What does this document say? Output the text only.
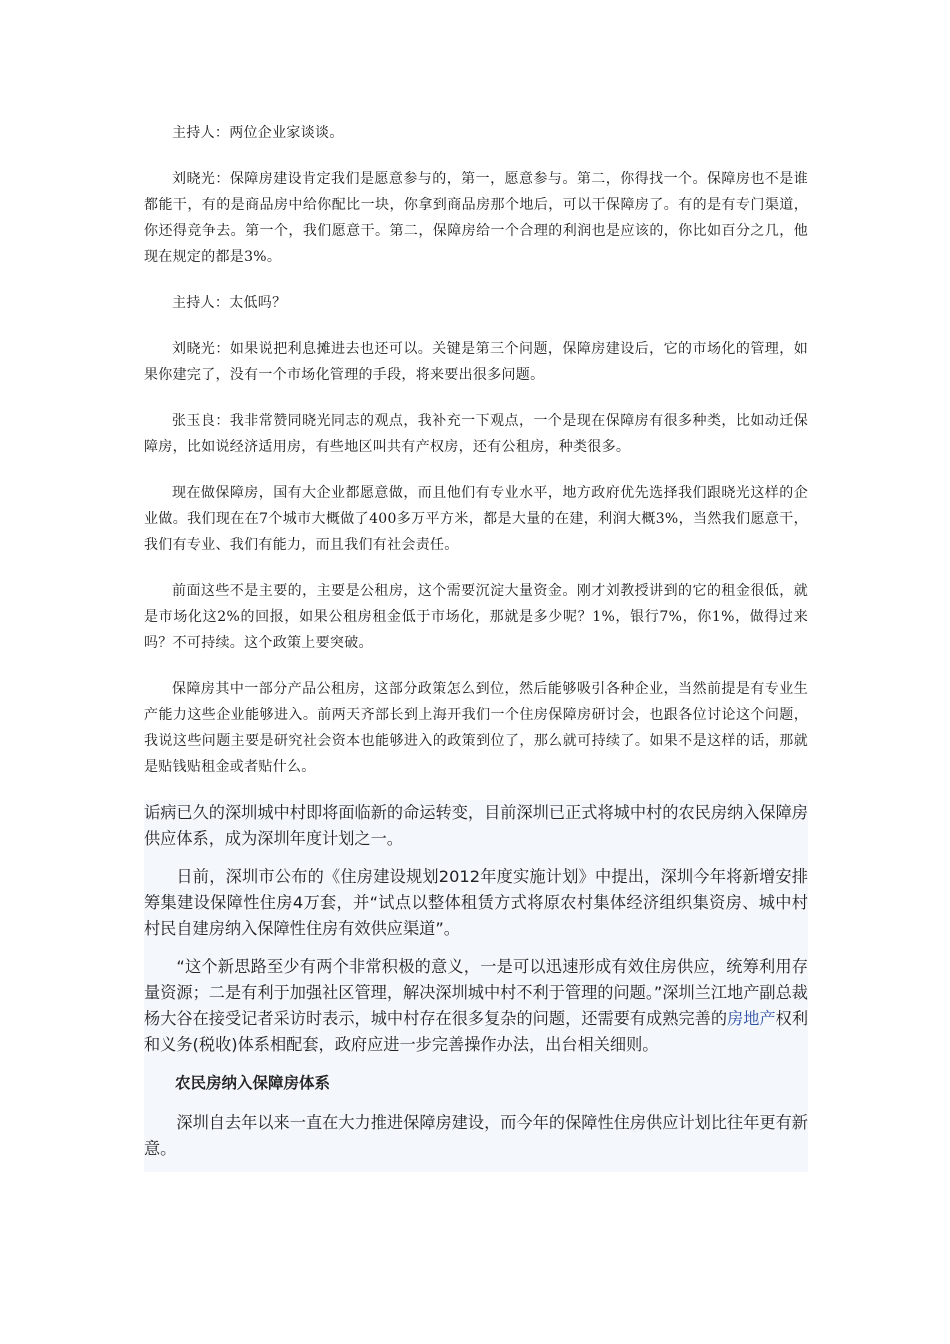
主持人：两位企业家谈谈。

刘晓光：保障房建设肯定我们是愿意参与的，第一，愿意参与。第二，你得找一个。保障房也不是谁都能干，有的是商品房中给你配比一块，你拿到商品房那个地后，可以干保障房了。有的是有专门渠道，你还得竞争去。第一个，我们愿意干。第二，保障房给一个合理的利润也是应该的，你比如百分之几，他现在规定的都是3%。

主持人：太低吗？

刘晓光：如果说把利息摊进去也还可以。关键是第三个问题，保障房建设后，它的市场化的管理，如果你建完了，没有一个市场化管理的手段，将来要出很多问题。

张玉良：我非常赞同晓光同志的观点，我补充一下观点，一个是现在保障房有很多种类，比如动迁保障房，比如说经济适用房，有些地区叫共有产权房，还有公租房，种类很多。

现在做保障房，国有大企业都愿意做，而且他们有专业水平，地方政府优先选择我们跟晓光这样的企业做。我们现在在7个城市大概做了400多万平方米，都是大量的在建，利润大概3%，当然我们愿意干，我们有专业、我们有能力，而且我们有社会责任。

前面这些不是主要的，主要是公租房，这个需要沉淀大量资金。刚才刘教授讲到的它的租金很低，就是市场化这2%的回报，如果公租房租金低于市场化，那就是多少呢？1%，银行7%，你1%，做得过来吗？不可持续。这个政策上要突破。

保障房其中一部分产品公租房，这部分政策怎么到位，然后能够吸引各种企业，当然前提是有专业生产能力这些企业能够进入。前两天齐部长到上海开我们一个住房保障房研讨会，也跟各位讨论这个问题，我说这些问题主要是研究社会资本也能够进入的政策到位了，那么就可持续了。如果不是这样的话，那就是贴钱贴租金或者贴什么。

诟病已久的深圳城中村即将面临新的命运转变，目前深圳已正式将城中村的农民房纳入保障房供应体系，成为深圳年度计划之一。

日前，深圳市公布的《住房建设规划2012年度实施计划》中提出，深圳今年将新增安排筹集建设保障性住房4万套，并“试点以整体租赁方式将原农村集体经济组织集资房、城中村村民自建房纳入保障性住房有效供应渠道”。

“这个新思路至少有两个非常积极的意义，一是可以迅速形成有效住房供应，统筹利用存量资源；二是有利于加强社区管理，解决深圳城中村不利于管理的问题。”深圳兰江地产副总裁杨大谷在接受记者采访时表示，城中村存在很多复杂的问题，还需要有成熟完善的房地产权利和义务(税收)体系相配套，政府应进一步完善操作办法，出台相关细则。

农民房纳入保障房体系

深圳自去年以来一直在大力推进保障房建设，而今年的保障性住房供应计划比往年更有新意。
